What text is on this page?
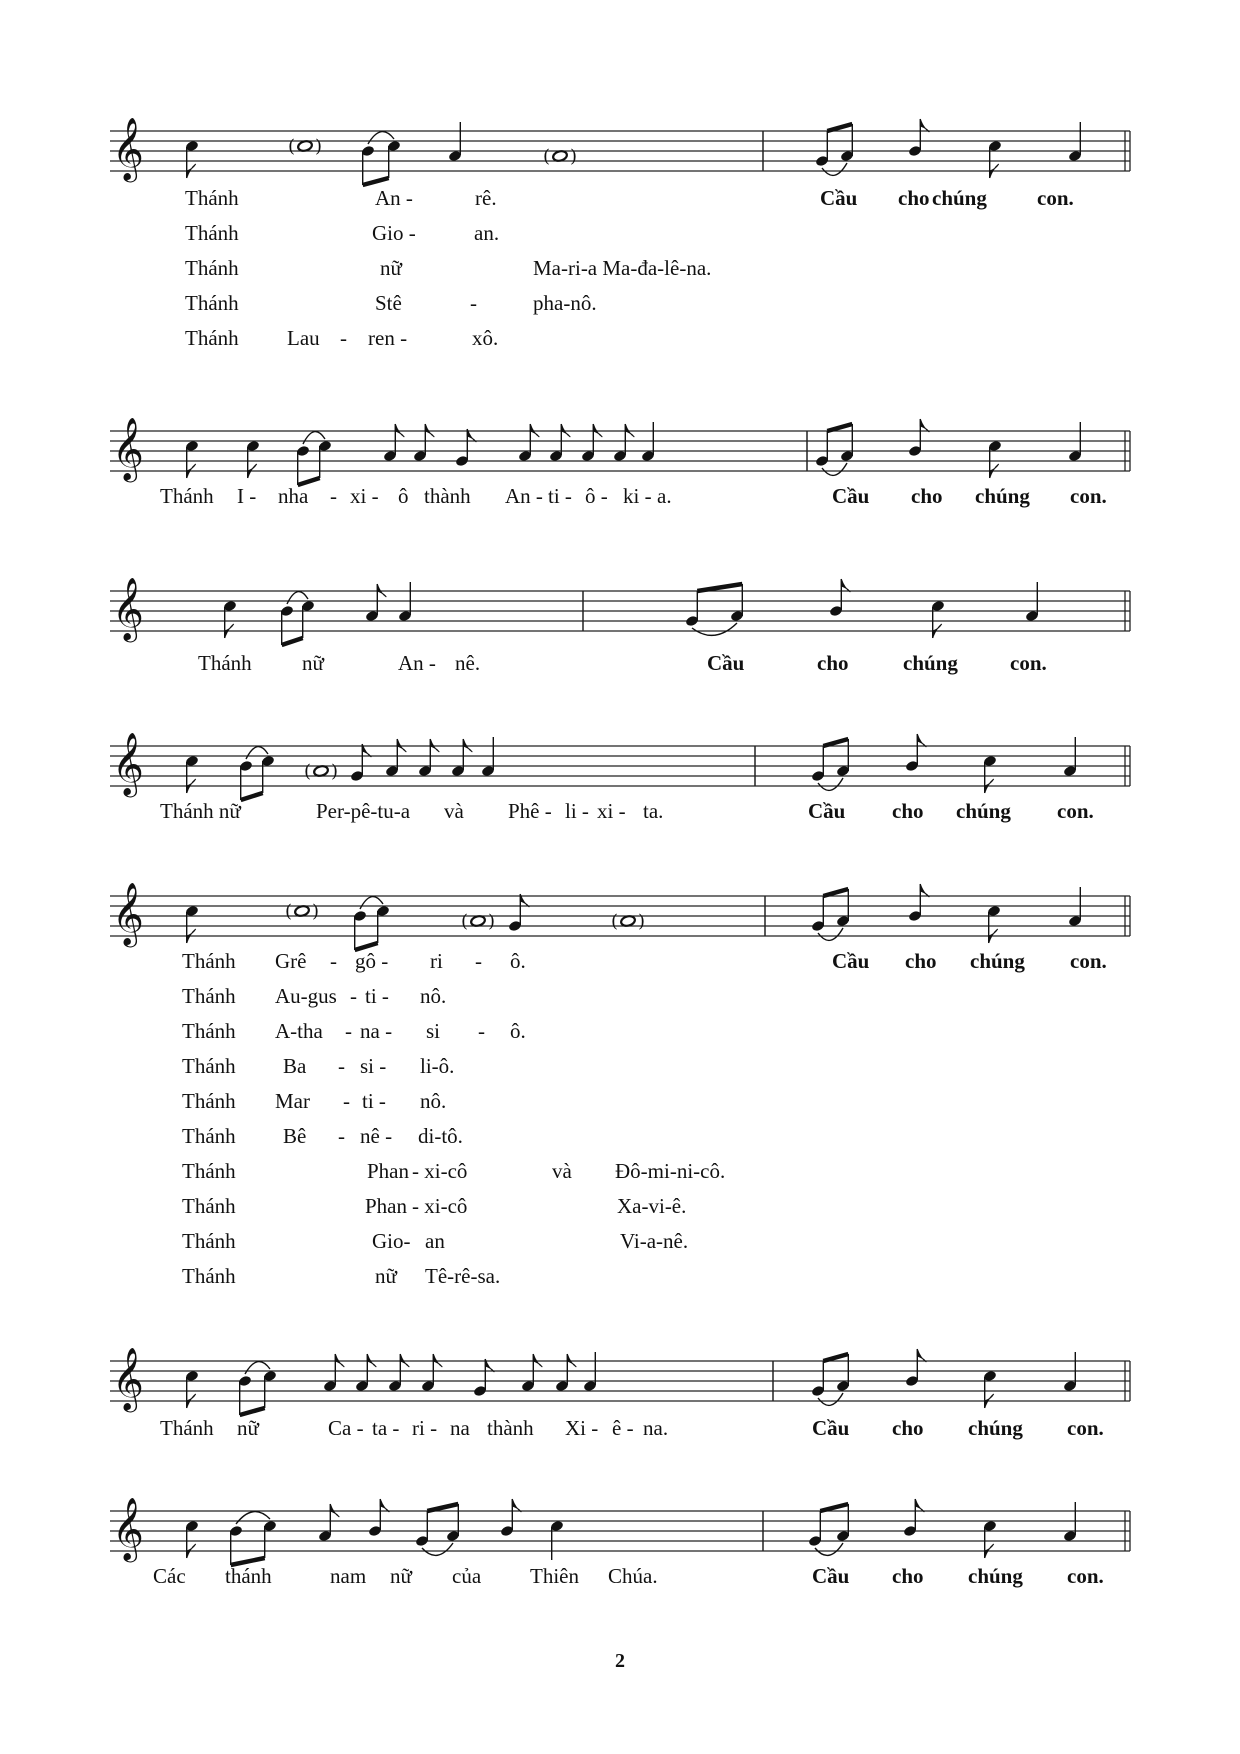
𝄞	( )	( )
Thánh	An -	rê.	Cầu cho chúng con.
Thánh	Gio -	an.
Thánh	nữ	Ma-ri-a Ma-đa-lê-na.
Thánh	Stê	-	pha-nô.
Thánh Lau - ren -	xô.
𝄞
Thánh I - nha - xi - ô thành An - ti - ô - ki - a.	Cầu cho chúng con.
𝄞
Thánh nữ	An - nê.	Cầu	cho	chúng con.
𝄞	( )
Thánh nữ	Per-pê-tu-a và Phê - li - xi - ta.	Cầu cho chúng con.
𝄞	( )	( )	( )
Thánh Grê - gô - ri - ô.	Cầu cho chúng con.
Thánh Au-gus - ti - nô.
Thánh A-tha - na - si - ô.
Thánh Ba - si - li-ô.
Thánh Mar - ti - nô.
Thánh Bê - nê - di-tô.
Thánh	Phan - xi-cô	và Đô-mi-ni-cô.
Thánh	Phan - xi-cô	Xa-vi-ê.
Thánh	Gio- an	Vi-a-nê.
Thánh	nữ Tê-rê-sa.
𝄞
Thánh nữ	Ca - ta - ri - na thành Xi - ê - na.	Cầu cho chúng con.
𝄞
Các thánh	nam nữ của Thiên Chúa.	Cầu cho chúng con.
2
